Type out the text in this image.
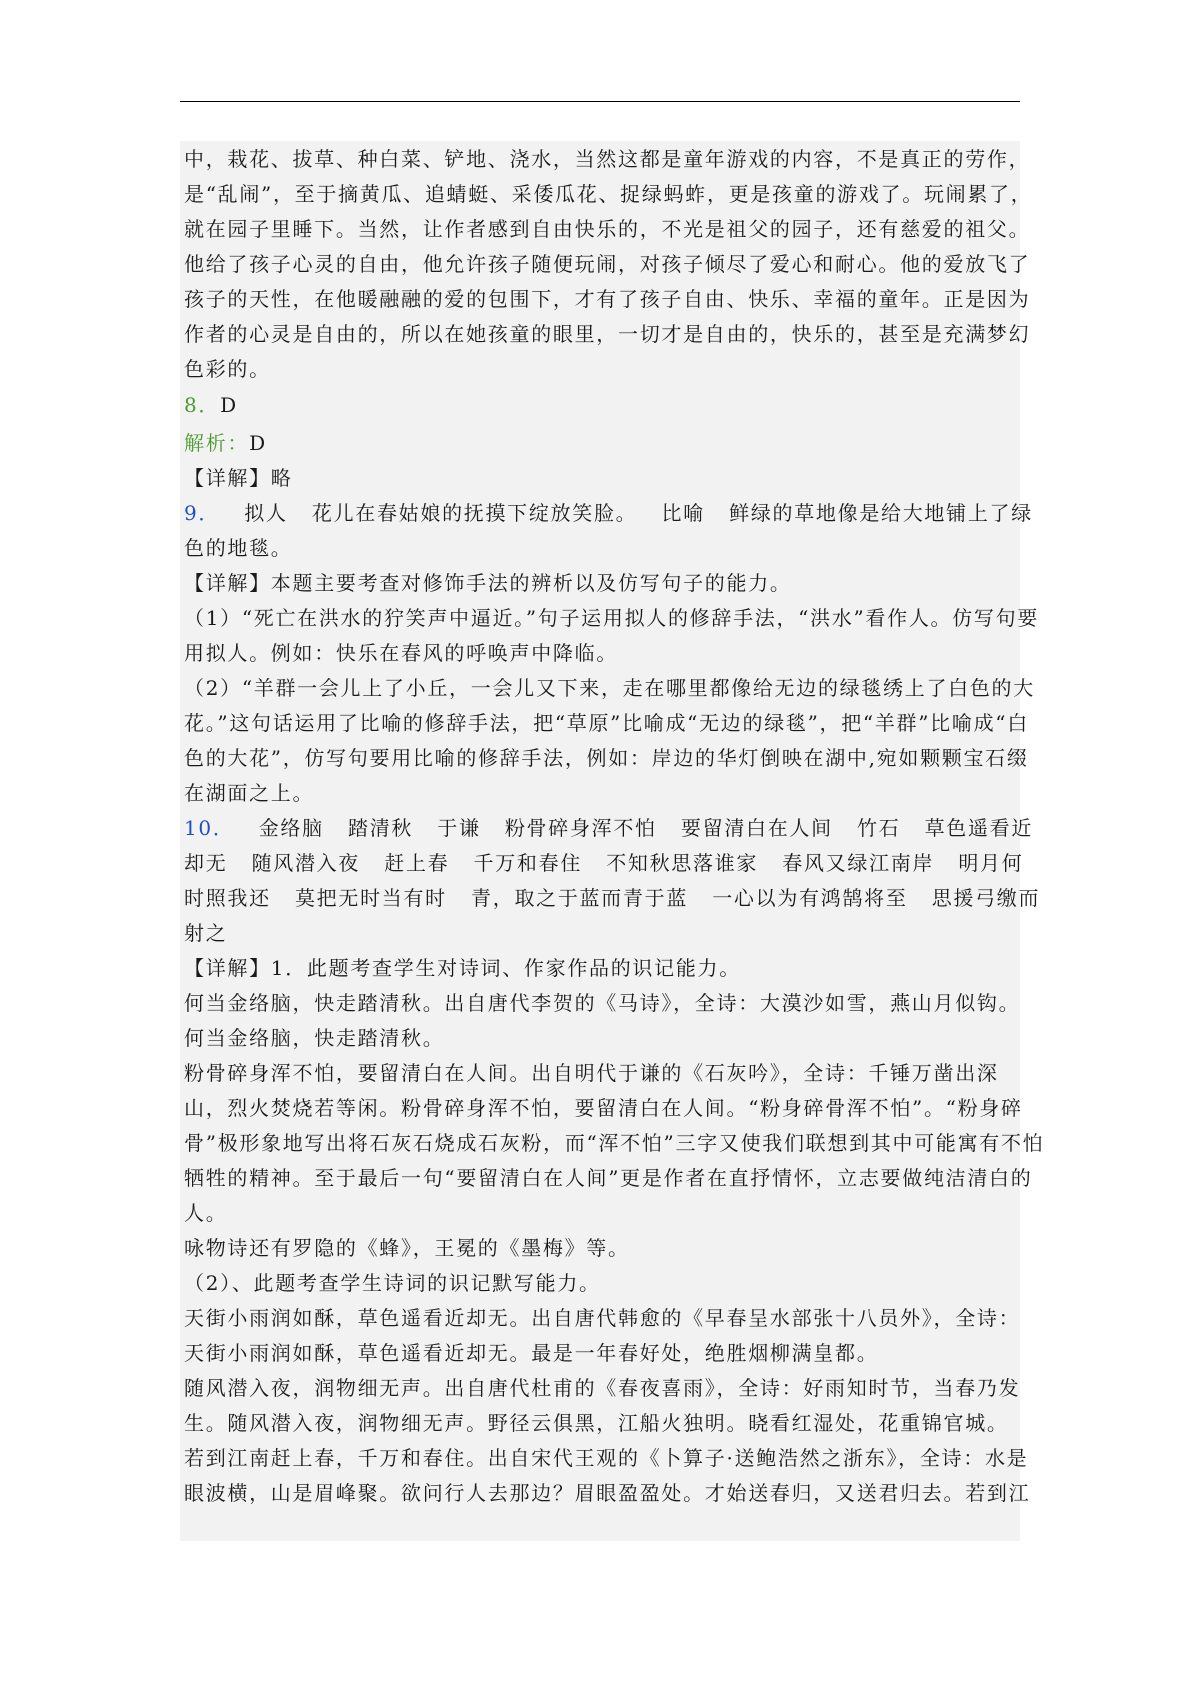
中，栽花、拔草、种白菜、铲地、浇水，当然这都是童年游戏的内容，不是真正的劳作，
是“乱闹”，至于摘黄瓜、追蜻蜓、采倭瓜花、捉绿蚂蚱，更是孩童的游戏了。玩闹累了，
就在园子里睡下。当然，让作者感到自由快乐的，不光是祖父的园子，还有慈爱的祖父。
他给了孩子心灵的自由，他允许孩子随便玩闹，对孩子倾尽了爱心和耐心。他的爱放飞了
孩子的天性，在他暖融融的爱的包围下，才有了孩子自由、快乐、幸福的童年。正是因为
作者的心灵是自由的，所以在她孩童的眼里，一切才是自由的，快乐的，甚至是充满梦幻
色彩的。
8．D
解析：D
【详解】略
9．   拟人   花儿在春姑娘的抚摸下绽放笑脸。   比喻   鲜绿的草地像是给大地铺上了绿
色的地毯。
【详解】本题主要考查对修饰手法的辨析以及仿写句子的能力。
（1）“死亡在洪水的狞笑声中逼近。”句子运用拟人的修辞手法，“洪水”看作人。仿写句要
用拟人。例如：快乐在春风的呼唤声中降临。
（2）“羊群一会儿上了小丘，一会儿又下来，走在哪里都像给无边的绿毯绣上了白色的大
花。”这句话运用了比喻的修辞手法，把“草原”比喻成“无边的绿毯”，把“羊群”比喻成“白
色的大花”，仿写句要用比喻的修辞手法，例如：岸边的华灯倒映在湖中,宛如颗颗宝石缀
在湖面之上。
10．   金络脑   踏清秋   于谦   粉骨碎身浑不怕   要留清白在人间   竹石   草色遥看近
却无   随风潜入夜   赶上春   千万和春住   不知秋思落谁家   春风又绿江南岸   明月何
时照我还   莫把无时当有时   青，取之于蓝而青于蓝   一心以为有鸿鹄将至   思援弓缴而
射之
【详解】1．此题考查学生对诗词、作家作品的识记能力。
何当金络脑，快走踏清秋。出自唐代李贺的《马诗》，全诗：大漠沙如雪，燕山月似钩。
何当金络脑，快走踏清秋。
粉骨碎身浑不怕，要留清白在人间。出自明代于谦的《石灰吟》，全诗：千锤万凿出深
山，烈火焚烧若等闲。粉骨碎身浑不怕，要留清白在人间。“粉身碎骨浑不怕”。“粉身碎
骨”极形象地写出将石灰石烧成石灰粉，而“浑不怕”三字又使我们联想到其中可能寓有不怕
牺牲的精神。至于最后一句“要留清白在人间”更是作者在直抒情怀，立志要做纯洁清白的
人。
咏物诗还有罗隐的《蜂》，王冕的《墨梅》等。
（2）、此题考查学生诗词的识记默写能力。
天街小雨润如酥，草色遥看近却无。出自唐代韩愈的《早春呈水部张十八员外》，全诗：
天街小雨润如酥，草色遥看近却无。最是一年春好处，绝胜烟柳满皇都。
随风潜入夜，润物细无声。出自唐代杜甫的《春夜喜雨》，全诗：好雨知时节，当春乃发
生。随风潜入夜，润物细无声。野径云俱黑，江船火独明。晓看红湿处，花重锦官城。
若到江南赶上春，千万和春住。出自宋代王观的《卜算子·送鲍浩然之浙东》，全诗：水是
眼波横，山是眉峰聚。欲问行人去那边？眉眼盈盈处。才始送春归，又送君归去。若到江
